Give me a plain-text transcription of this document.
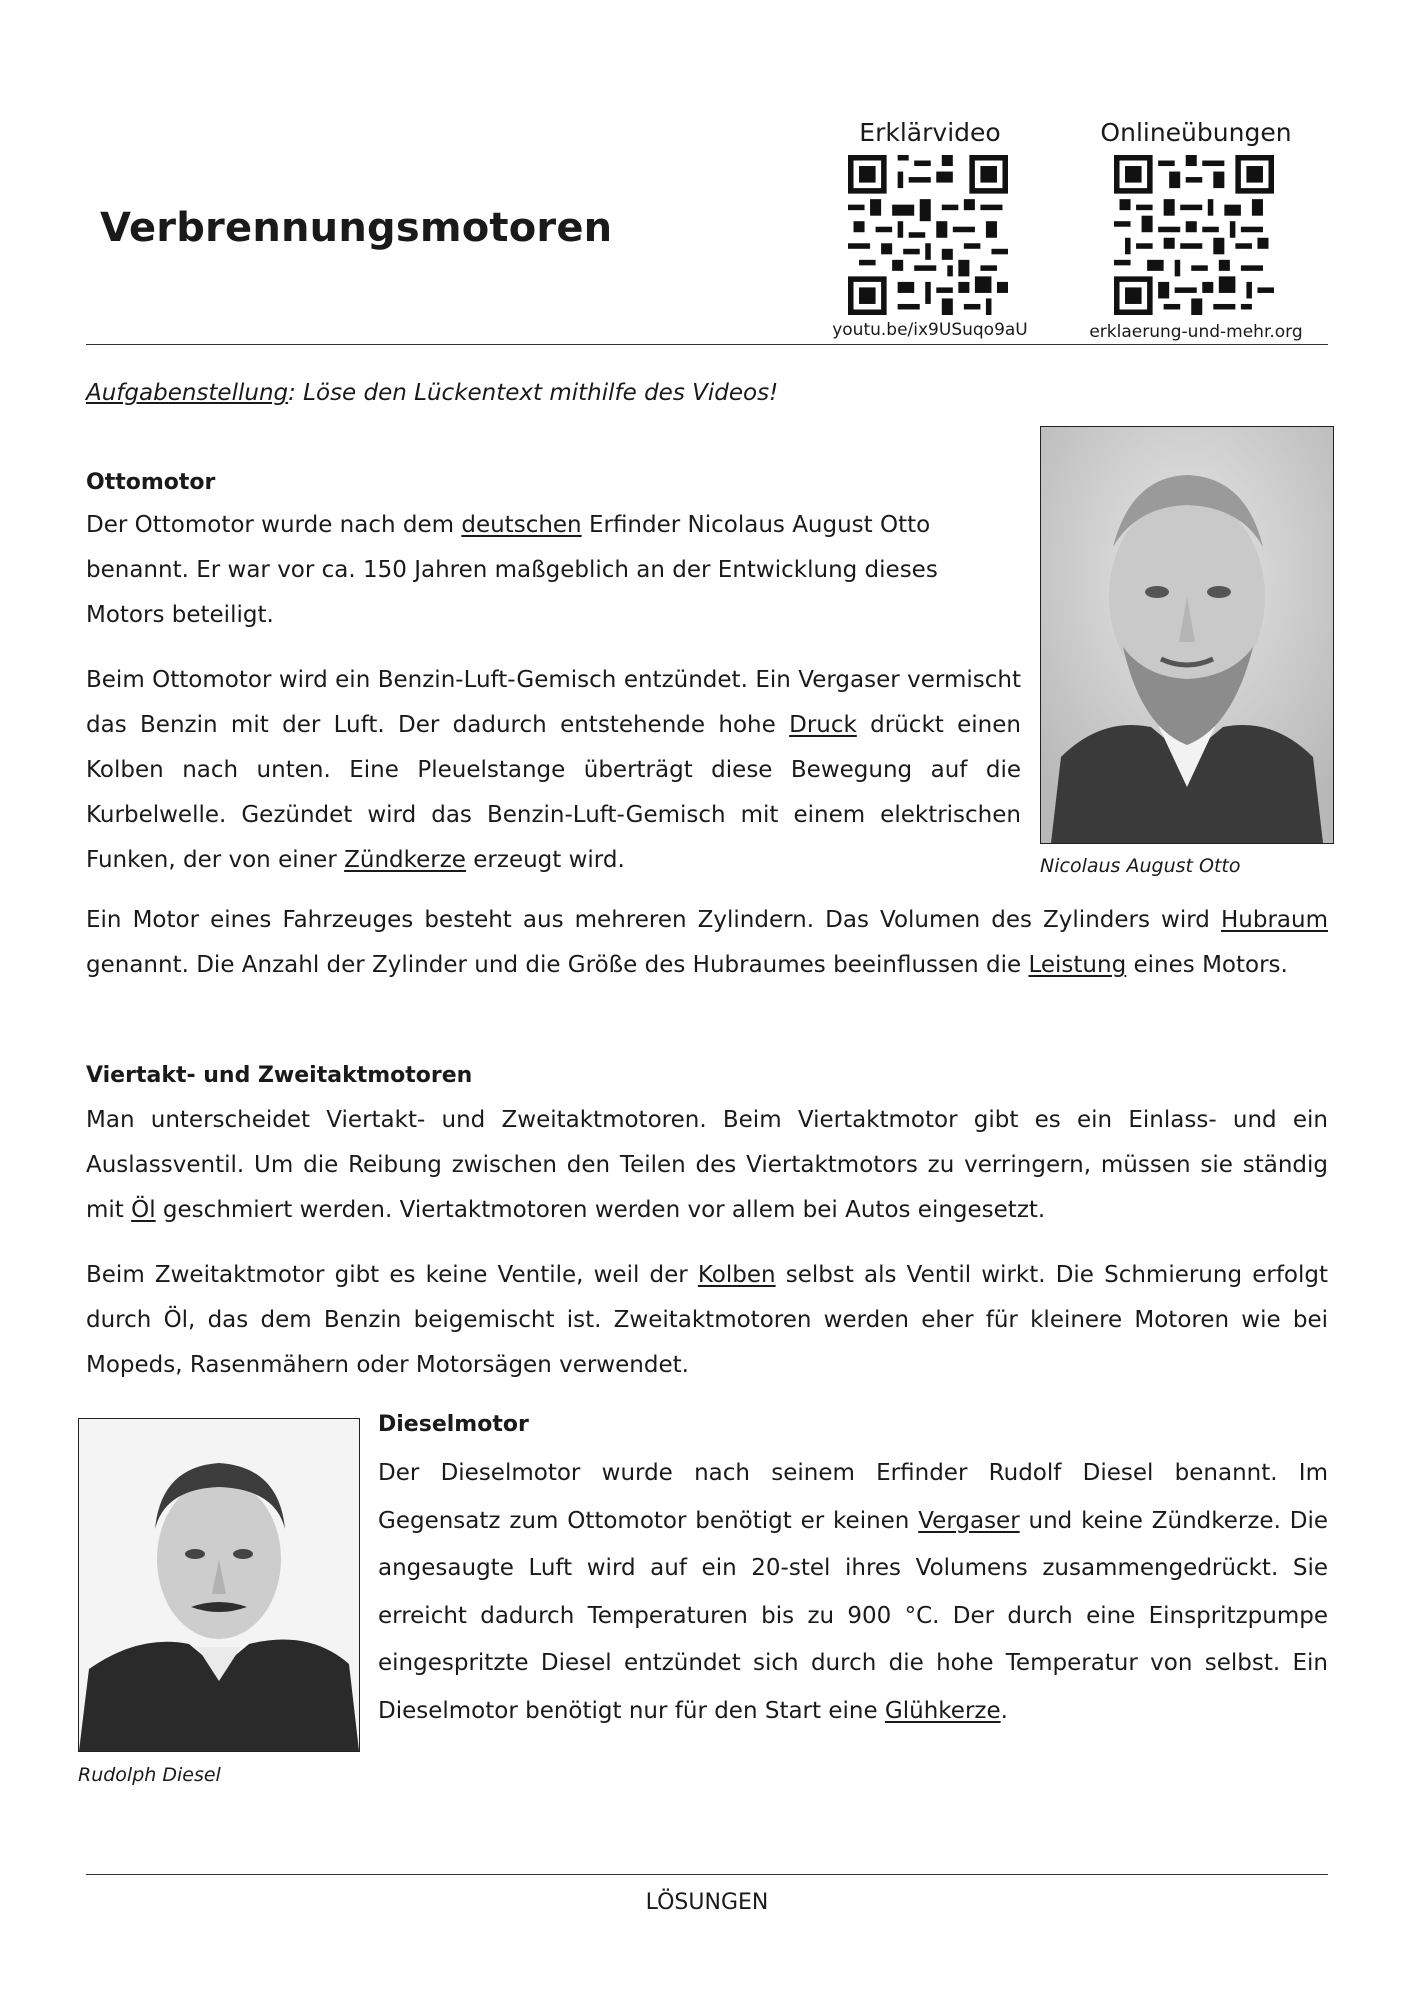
Verbrennungsmotoren
Erklärvideo
youtu.be/ix9USuqo9aU
Onlineübungen
erklaerung-und-mehr.org
Aufgabenstellung: Löse den Lückentext mithilfe des Videos!
Ottomotor
Der Ottomotor wurde nach dem deutschen Erfinder Nicolaus August Otto benannt. Er war vor ca. 150 Jahren maßgeblich an der Entwicklung dieses Motors beteiligt.
Beim Ottomotor wird ein Benzin-Luft-Gemisch entzündet. Ein Vergaser vermischt das Benzin mit der Luft. Der dadurch entstehende hohe Druck drückt einen Kolben nach unten. Eine Pleuelstange überträgt diese Bewegung auf die Kurbelwelle. Gezündet wird das Benzin-Luft-Gemisch mit einem elektrischen Funken, der von einer Zündkerze erzeugt wird.	Nicolaus August Otto
Ein Motor eines Fahrzeuges besteht aus mehreren Zylindern. Das Volumen des Zylinders wird Hubraum genannt. Die Anzahl der Zylinder und die Größe des Hubraumes beeinflussen die Leistung eines Motors.
Viertakt- und Zweitaktmotoren
Man unterscheidet Viertakt- und Zweitaktmotoren. Beim Viertaktmotor gibt es ein Einlass- und ein Auslassventil. Um die Reibung zwischen den Teilen des Viertaktmotors zu verringern, müssen sie ständig mit Öl geschmiert werden. Viertaktmotoren werden vor allem bei Autos eingesetzt.
Beim Zweitaktmotor gibt es keine Ventile, weil der Kolben selbst als Ventil wirkt. Die Schmierung erfolgt durch Öl, das dem Benzin beigemischt ist. Zweitaktmotoren werden eher für kleinere Motoren wie bei Mopeds, Rasenmähern oder Motorsägen verwendet.
Rudolph Diesel
Dieselmotor
Der Dieselmotor wurde nach seinem Erfinder Rudolf Diesel benannt. Im Gegensatz zum Ottomotor benötigt er keinen Vergaser und keine Zündkerze. Die angesaugte Luft wird auf ein 20-stel ihres Volumens zusammengedrückt. Sie erreicht dadurch Temperaturen bis zu 900 °C. Der durch eine Einspritzpumpe eingespritzte Diesel entzündet sich durch die hohe Temperatur von selbst. Ein Dieselmotor benötigt nur für den Start eine Glühkerze.
LÖSUNGEN
